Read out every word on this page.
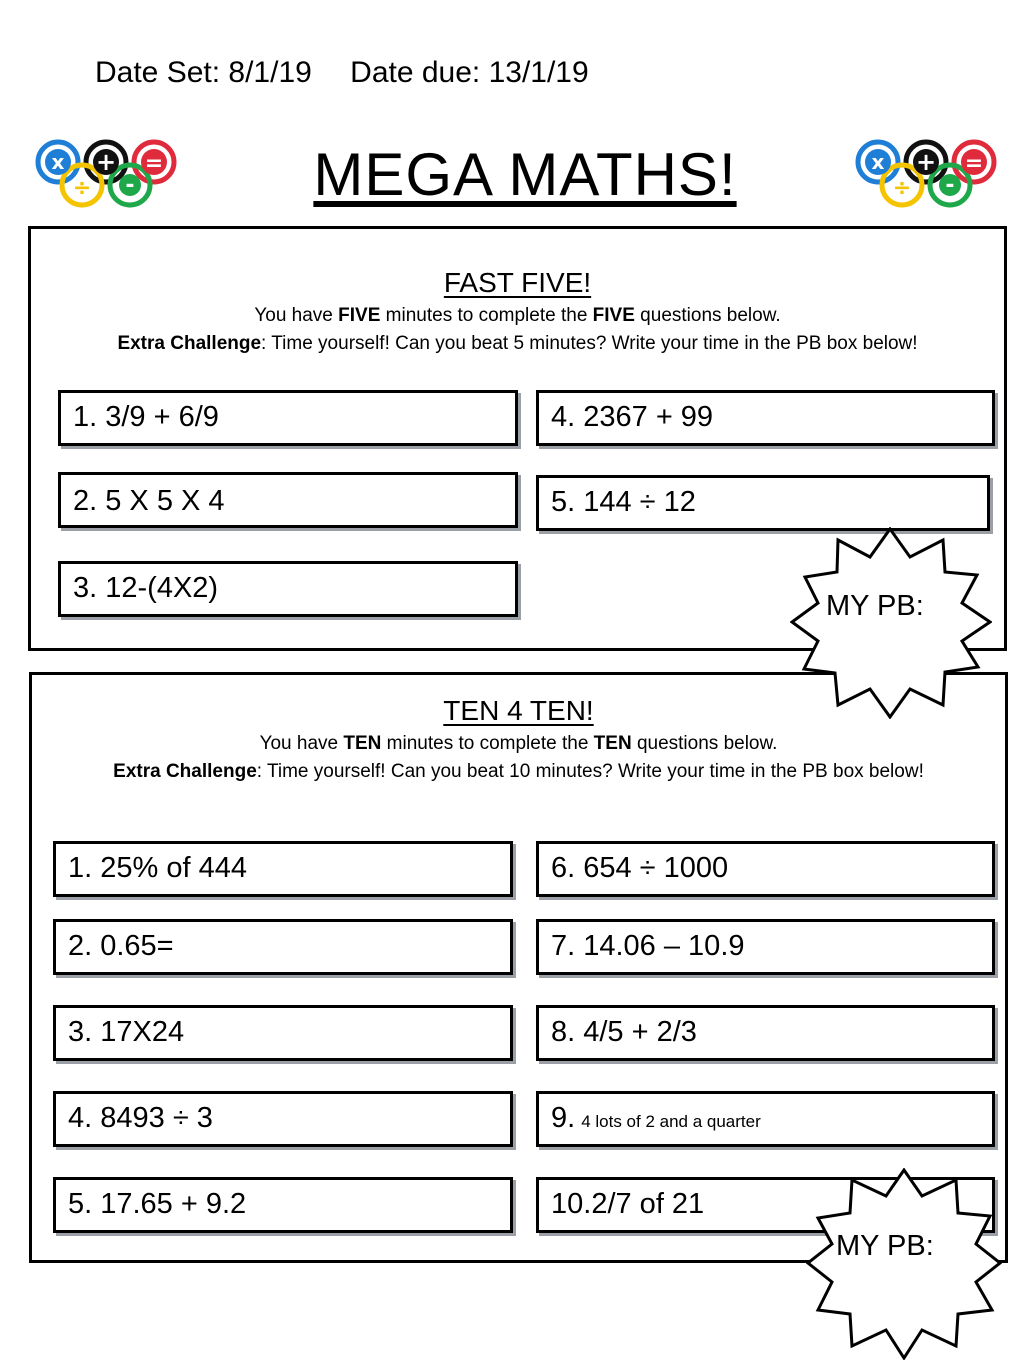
Date Set: 8/1/19 Date due: 13/1/19
x + =
-
÷
x + =
-
÷
MEGA MATHS!
FAST FIVE!
You have FIVE minutes to complete the FIVE questions below.
Extra Challenge: Time yourself! Can you beat 5 minutes? Write your time in the PB box below!
1. 3/9 + 6/9
2. 5 X 5 X 4
3. 12-(4X2)
4. 2367 + 99
5. 144 ÷ 12
TEN 4 TEN!
You have TEN minutes to complete the TEN questions below.
Extra Challenge: Time yourself! Can you beat 10 minutes? Write your time in the PB box below!
1. 25% of 444
2. 0.65=
3. 17X24
4. 8493 ÷ 3
5. 17.65 + 9.2
6. 654 ÷ 1000
7. 14.06 – 10.9
8. 4/5 + 2/3
9. 4 lots of 2 and a quarter
10.2/7 of 21
MY PB:
MY PB:
